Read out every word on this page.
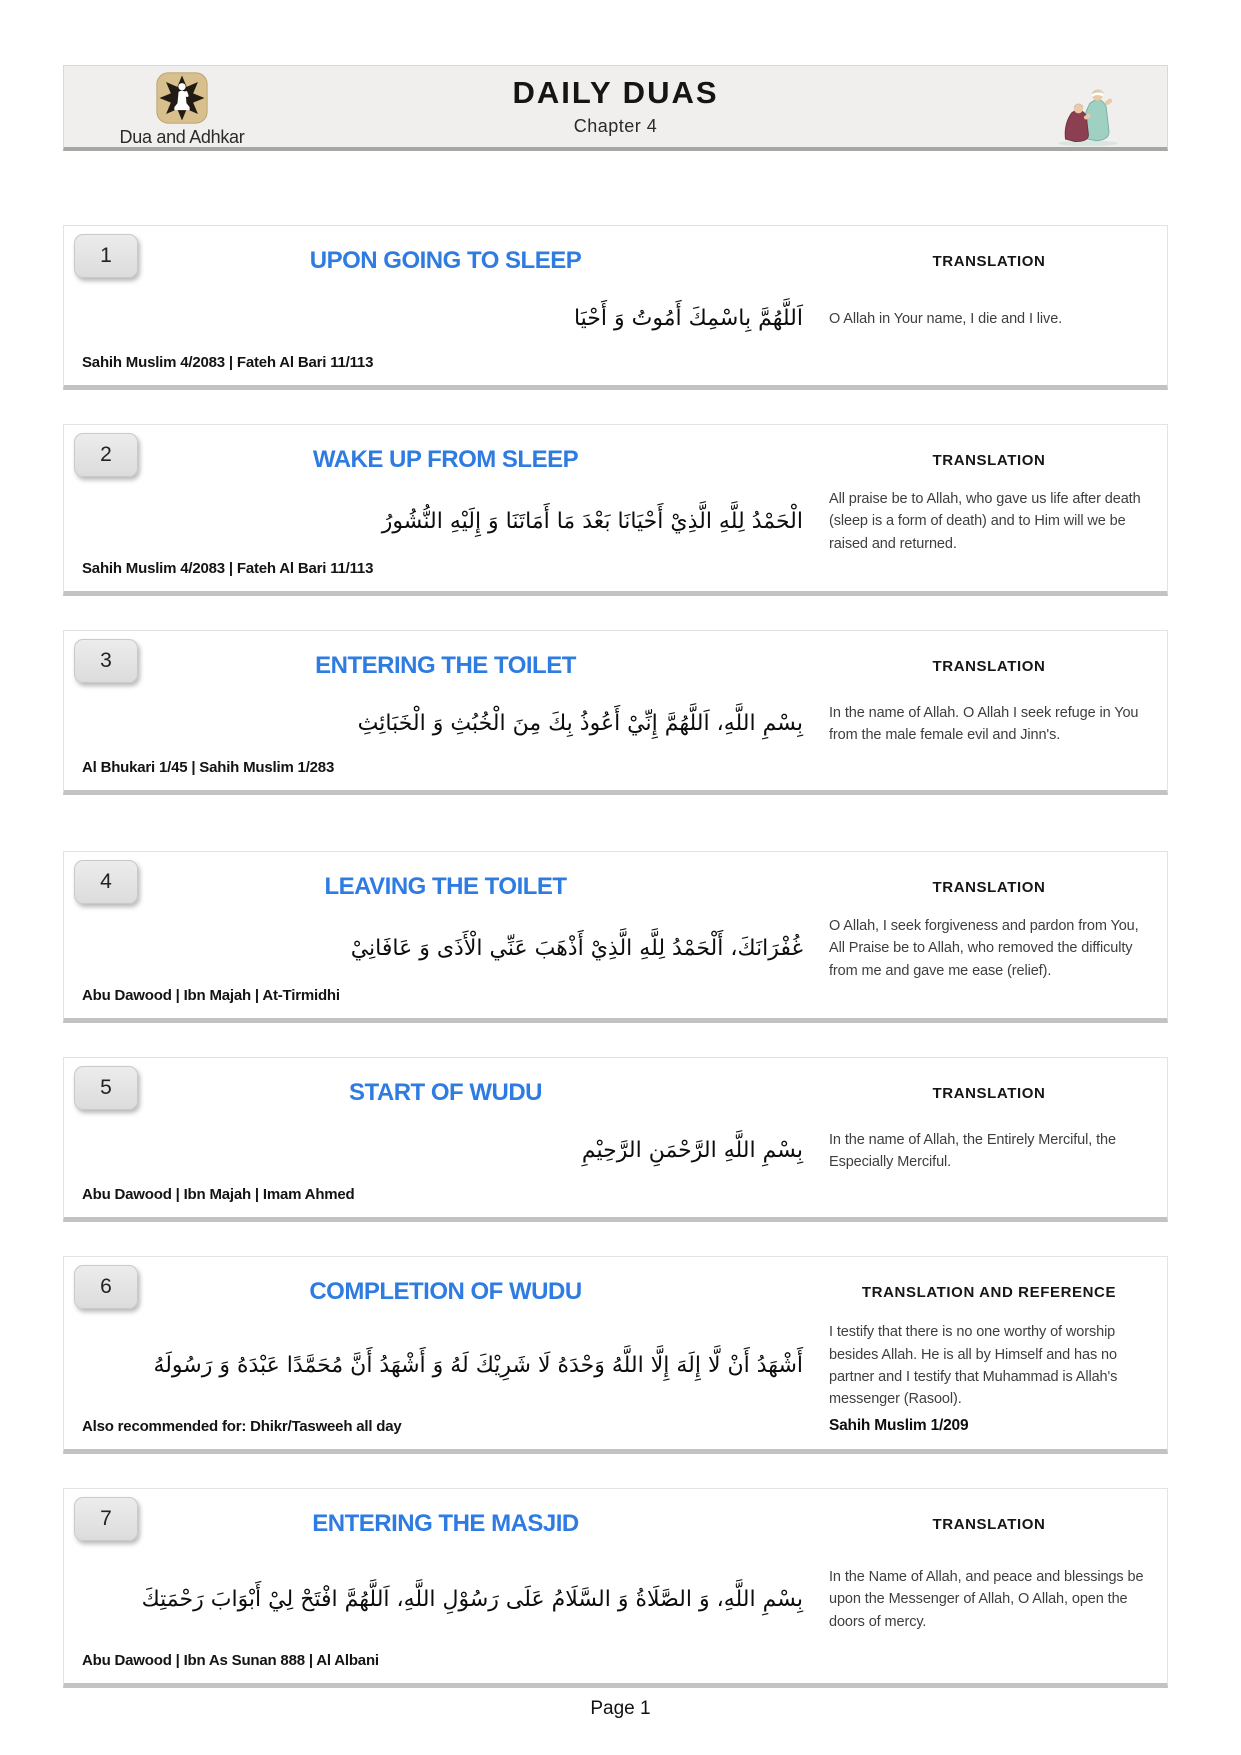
Dua and Adhkar
DAILY DUAS
Chapter 4
1	UPON GOING TO SLEEP	TRANSLATION
اَللَّهُمَّ بِاسْمِكَ أَمُوتُ وَ أَحْيَا	O Allah in Your name, I die and I live.
Sahih Muslim 4/2083 | Fateh Al Bari 11/113
2	WAKE UP FROM SLEEP	TRANSLATION
الْحَمْدُ لِلَّهِ الَّذِيْ أَحْيَانَا بَعْدَ مَا أَمَاتَنَا وَ إِلَيْهِ النُّشُورُ
All praise be to Allah, who gave us life after death (sleep is a form of death) and to Him will we be raised and returned.
Sahih Muslim 4/2083 | Fateh Al Bari 11/113
3	ENTERING THE TOILET	TRANSLATION
بِسْمِ اللَّهِ، اَللَّهُمَّ إِنِّيْ أَعُوذُ بِكَ مِنَ الْخُبُثِ وَ الْخَبَائِثِ	In the name of Allah. O Allah I seek refuge in You from the male female evil and Jinn's.
Al Bhukari 1/45 | Sahih Muslim 1/283
4	LEAVING THE TOILET	TRANSLATION
غُفْرَانَكَ، أَلْحَمْدُ لِلَّهِ الَّذِيْ أَذْهَبَ عَنِّي الْأَذَى وَ عَافَانِيْ
O Allah, I seek forgiveness and pardon from You, All Praise be to Allah, who removed the difficulty from me and gave me ease (relief).
Abu Dawood | Ibn Majah | At-Tirmidhi
5	START OF WUDU	TRANSLATION
بِسْمِ اللَّهِ الرَّحْمَنِ الرَّحِيْمِ	In the name of Allah, the Entirely Merciful, the Especially Merciful.
Abu Dawood | Ibn Majah | Imam Ahmed
6	COMPLETION OF WUDU	TRANSLATION AND REFERENCE
أَشْهَدُ أَنْ لَّا إِلَهَ إِلَّا اللَّهُ وَحْدَهُ لَا شَرِيْكَ لَهُ وَ أَشْهَدُ أَنَّ مُحَمَّدًا عَبْدَهُ وَ رَسُولَهُ
I testify that there is no one worthy of worship besides Allah. He is all by Himself and has no partner and I testify that Muhammad is Allah's messenger (Rasool).
Also recommended for: Dhikr/Tasweeh all day	Sahih Muslim 1/209
7	ENTERING THE MASJID	TRANSLATION
بِسْمِ اللَّهِ، وَ الصَّلَاةُ وَ السَّلَامُ عَلَى رَسُوْلِ اللَّهِ، اَللَّهُمَّ افْتَحْ لِيْ أَبْوَابَ رَحْمَتِكَ
In the Name of Allah, and peace and blessings be upon the Messenger of Allah, O Allah, open the doors of mercy.
Abu Dawood | Ibn As Sunan 888 | Al Albani
Page 1
